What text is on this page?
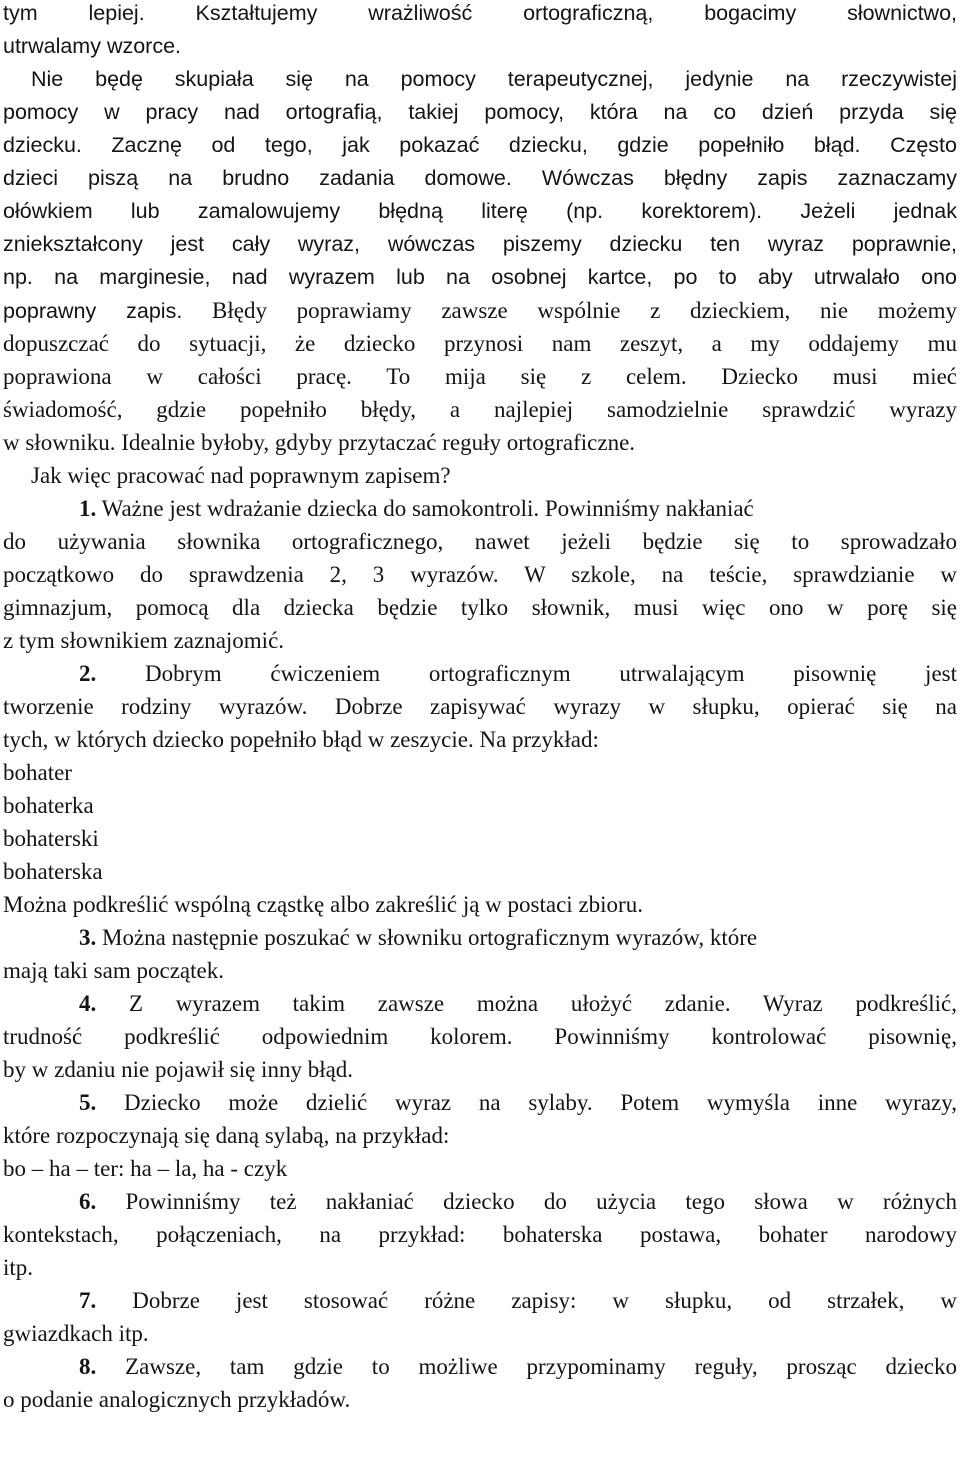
tym lepiej. Kształtujemy wrażliwość ortograficzną, bogacimy słownictwo,
utrwalamy wzorce.
Nie będę skupiała się na pomocy terapeutycznej, jedynie na rzeczywistej
pomocy w pracy nad ortografią, takiej pomocy, która na co dzień przyda się
dziecku. Zacznę od tego, jak pokazać dziecku, gdzie popełniło błąd. Często
dzieci piszą na brudno zadania domowe. Wówczas błędny zapis zaznaczamy
ołówkiem lub zamalowujemy błędną literę (np. korektorem). Jeżeli jednak
zniekształcony jest cały wyraz, wówczas piszemy dziecku ten wyraz poprawnie,
np. na marginesie, nad wyrazem lub na osobnej kartce, po to aby utrwalało ono
poprawny zapis. Błędy poprawiamy zawsze wspólnie z dzieckiem, nie możemy
dopuszczać do sytuacji, że dziecko przynosi nam zeszyt, a my oddajemy mu
poprawiona w całości pracę. To mija się z celem. Dziecko musi mieć
świadomość, gdzie popełniło błędy, a najlepiej samodzielnie sprawdzić wyrazy
w słowniku. Idealnie byłoby, gdyby przytaczać reguły ortograficzne.
Jak więc pracować nad poprawnym zapisem?
1. Ważne jest wdrażanie dziecka do samokontroli. Powinniśmy nakłaniać
do używania słownika ortograficznego, nawet jeżeli będzie się to sprowadzało
początkowo do sprawdzenia 2, 3 wyrazów. W szkole, na teście, sprawdzianie w
gimnazjum, pomocą dla dziecka będzie tylko słownik, musi więc ono w porę się
z tym słownikiem zaznajomić.
2. Dobrym ćwiczeniem ortograficznym utrwalającym pisownię jest
tworzenie rodziny wyrazów. Dobrze zapisywać wyrazy w słupku, opierać się na
tych, w których dziecko popełniło błąd w zeszycie. Na przykład:
bohater
bohaterka
bohaterski
bohaterska
Można podkreślić wspólną cząstkę albo zakreślić ją w postaci zbioru.
3. Można następnie poszukać w słowniku ortograficznym wyrazów, które
mają taki sam początek.
4. Z wyrazem takim zawsze można ułożyć zdanie. Wyraz podkreślić,
trudność podkreślić odpowiednim kolorem. Powinniśmy kontrolować pisownię,
by w zdaniu nie pojawił się inny błąd.
5. Dziecko może dzielić wyraz na sylaby. Potem wymyśla inne wyrazy,
które rozpoczynają się daną sylabą, na przykład:
bo – ha – ter: ha – la, ha - czyk
6. Powinniśmy też nakłaniać dziecko do użycia tego słowa w różnych
kontekstach, połączeniach, na przykład: bohaterska postawa, bohater narodowy
itp.
7. Dobrze jest stosować różne zapisy: w słupku, od strzałek, w
gwiazdkach itp.
8. Zawsze, tam gdzie to możliwe przypominamy reguły, prosząc dziecko
o podanie analogicznych przykładów.
